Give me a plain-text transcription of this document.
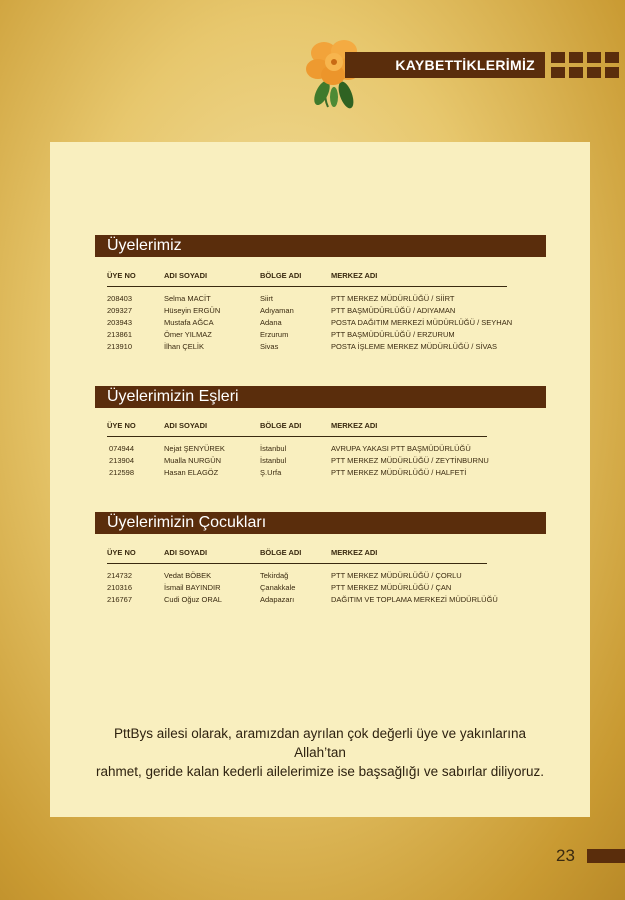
KAYBETTİKLERİMİZ
Üyelerimiz
ÜYE NO	ADI SOYADI	BÖLGE ADI	MERKEZ ADI
208403	Selma MACİT	Siirt	PTT MERKEZ MÜDÜRLÜĞÜ / SİİRT
209327	Hüseyin ERGÜN	Adıyaman	PTT BAŞMÜDÜRLÜĞÜ / ADIYAMAN
203943	Mustafa AĞCA	Adana	POSTA DAĞITIM MERKEZİ MÜDÜRLÜĞÜ / SEYHAN
213861	Ömer YILMAZ	Erzurum	PTT BAŞMÜDÜRLÜĞÜ / ERZURUM
213910	İlhan ÇELİK	Sivas	POSTA İŞLEME MERKEZ MÜDÜRLÜĞÜ / SİVAS
Üyelerimizin Eşleri
ÜYE NO	ADI SOYADI	BÖLGE ADI	MERKEZ ADI
074944	Nejat ŞENYÜREK	İstanbul	AVRUPA YAKASI PTT BAŞMÜDÜRLÜĞÜ
213904	Mualla NURGÜN	İstanbul	PTT MERKEZ MÜDÜRLÜĞÜ / ZEYTİNBURNU
212598	Hasan ELAGÖZ	Ş.Urfa	PTT MERKEZ MÜDÜRLÜĞÜ / HALFETİ
Üyelerimizin Çocukları
ÜYE NO	ADI SOYADI	BÖLGE ADI	MERKEZ ADI
214732	Vedat BÖBEK	Tekirdağ	PTT MERKEZ MÜDÜRLÜĞÜ / ÇORLU
210316	İsmail BAYINDIR	Çanakkale	PTT MERKEZ MÜDÜRLÜĞÜ / ÇAN
216767	Cudi Oğuz ORAL	Adapazarı	DAĞITIM VE TOPLAMA MERKEZİ MÜDÜRLÜĞÜ
PttBys ailesi olarak, aramızdan ayrılan çok değerli üye ve yakınlarına Allah’tan
rahmet, geride kalan kederli ailelerimize ise başsağlığı ve sabırlar diliyoruz.
23
